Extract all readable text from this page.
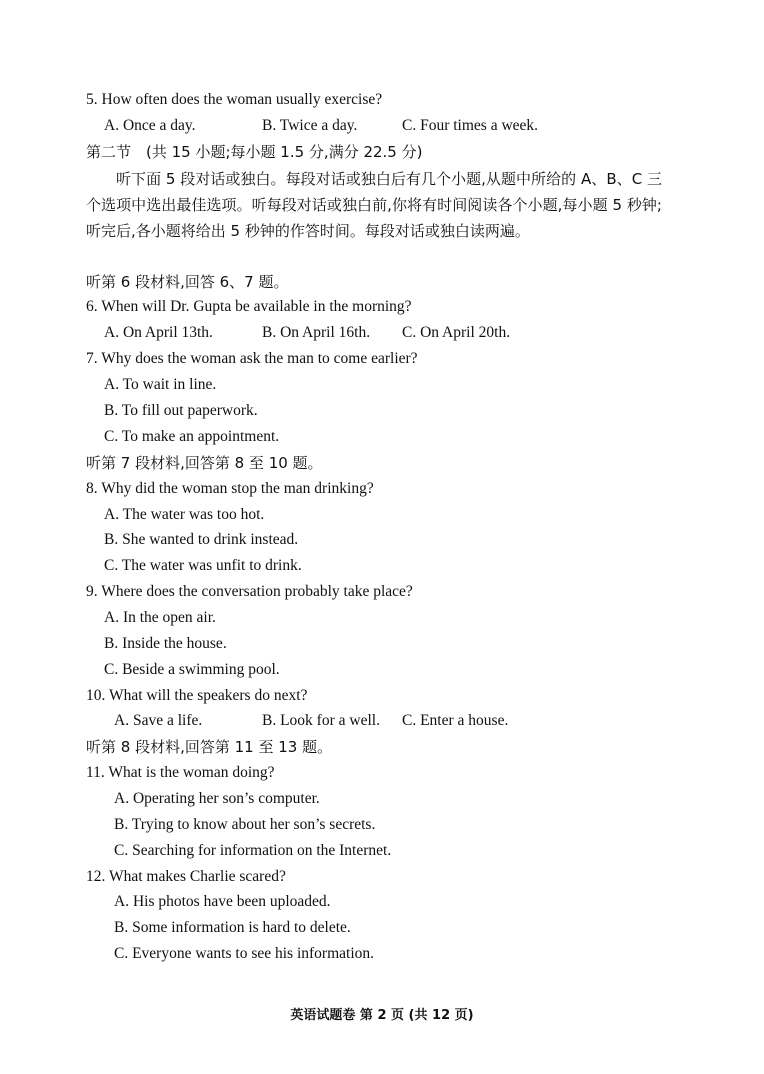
5. How often does the woman usually exercise?
A. Once a day.	B. Twice a day.	C. Four times a week.
第二节　(共 15 小题;每小题 1.5 分,满分 22.5 分)
听下面 5 段对话或独白。每段对话或独白后有几个小题,从题中所给的 A、B、C 三个选项中选出最佳选项。听每段对话或独白前,你将有时间阅读各个小题,每小题 5 秒钟;听完后,各小题将给出 5 秒钟的作答时间。每段对话或独白读两遍。
听第 6 段材料,回答 6、7 题。
6. When will Dr. Gupta be available in the morning?
A. On April 13th.	B. On April 16th. C. On April 20th.
7. Why does the woman ask the man to come earlier?
A. To wait in line.
B. To fill out paperwork.
C. To make an appointment.
听第 7 段材料,回答第 8 至 10 题。
8. Why did the woman stop the man drinking?
A. The water was too hot.
B. She wanted to drink instead.
C. The water was unfit to drink.
9. Where does the conversation probably take place?
A. In the open air.
B. Inside the house.
C. Beside a swimming pool.
10. What will the speakers do next?
A. Save a life.	B. Look for a well. C. Enter a house.
听第 8 段材料,回答第 11 至 13 题。
11. What is the woman doing?
A. Operating her son’s computer.
B. Trying to know about her son’s secrets.
C. Searching for information on the Internet.
12. What makes Charlie scared?
A. His photos have been uploaded.
B. Some information is hard to delete.
C. Everyone wants to see his information.
英语试题卷 第 2 页 (共 12 页)
